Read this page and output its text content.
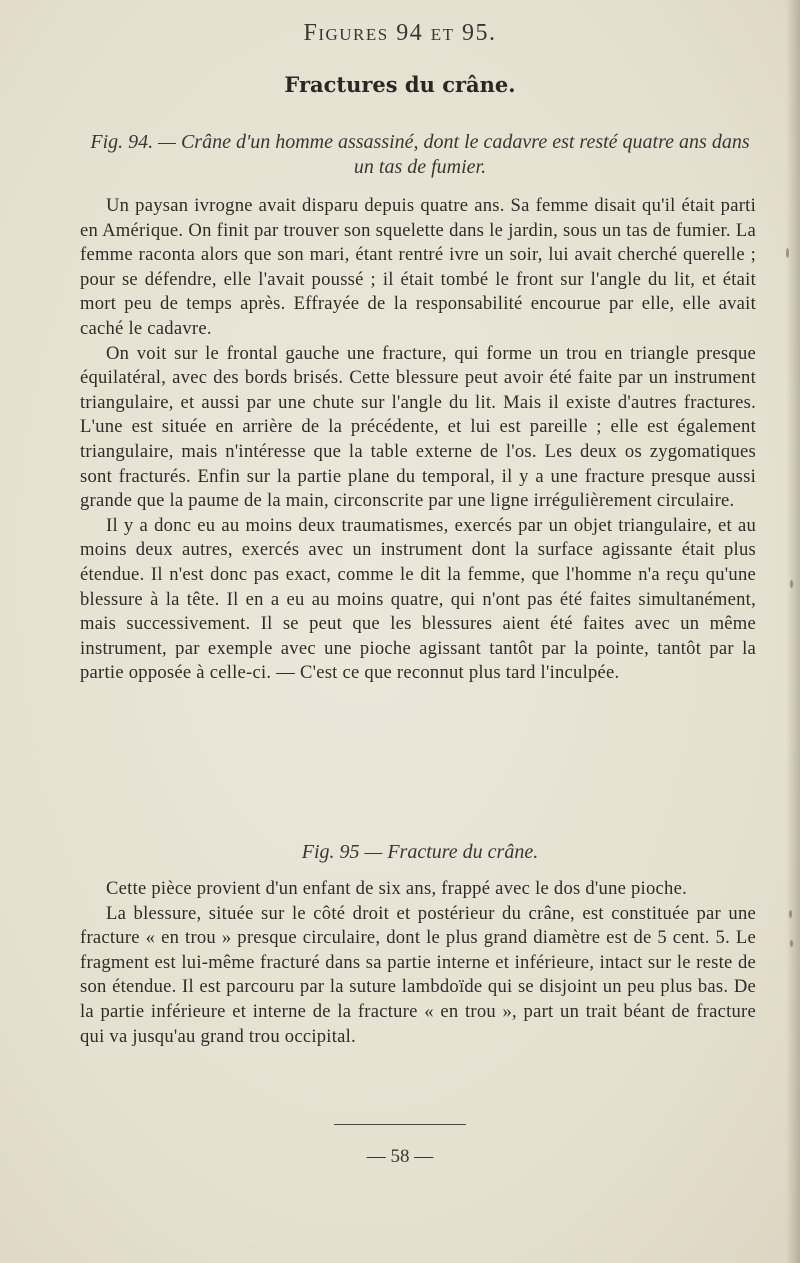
Figures 94 et 95.
Fractures du crâne.
Fig. 94. — Crâne d'un homme assassiné, dont le cadavre est resté quatre ans dans un tas de fumier.

Un paysan ivrogne avait disparu depuis quatre ans. Sa femme disait qu'il était parti en Amérique. On finit par trouver son squelette dans le jardin, sous un tas de fumier. La femme raconta alors que son mari, étant rentré ivre un soir, lui avait cherché querelle ; pour se défendre, elle l'avait poussé ; il était tombé le front sur l'angle du lit, et était mort peu de temps après. Effrayée de la responsabilité encourue par elle, elle avait caché le cadavre.

On voit sur le frontal gauche une fracture, qui forme un trou en triangle presque équilatéral, avec des bords brisés. Cette blessure peut avoir été faite par un instrument triangulaire, et aussi par une chute sur l'angle du lit. Mais il existe d'autres fractures. L'une est située en arrière de la précédente, et lui est pareille ; elle est également triangulaire, mais n'intéresse que la table externe de l'os. Les deux os zygomatiques sont fracturés. Enfin sur la partie plane du temporal, il y a une fracture presque aussi grande que la paume de la main, circonscrite par une ligne irrégulièrement circulaire.

Il y a donc eu au moins deux traumatismes, exercés par un objet triangulaire, et au moins deux autres, exercés avec un instrument dont la surface agissante était plus étendue. Il n'est donc pas exact, comme le dit la femme, que l'homme n'a reçu qu'une blessure à la tête. Il en a eu au moins quatre, qui n'ont pas été faites simultanément, mais successivement. Il se peut que les blessures aient été faites avec un même instrument, par exemple avec une pioche agissant tantôt par la pointe, tantôt par la partie opposée à celle-ci. — C'est ce que reconnut plus tard l'inculpée.

Fig. 95 — Fracture du crâne.

Cette pièce provient d'un enfant de six ans, frappé avec le dos d'une pioche.

La blessure, située sur le côté droit et postérieur du crâne, est constituée par une fracture « en trou » presque circulaire, dont le plus grand diamètre est de 5 cent. 5. Le fragment est lui-même fracturé dans sa partie interne et inférieure, intact sur le reste de son étendue. Il est parcouru par la suture lambdoïde qui se disjoint un peu plus bas. De la partie inférieure et interne de la fracture « en trou », part un trait béant de fracture qui va jusqu'au grand trou occipital.

— 58 —
